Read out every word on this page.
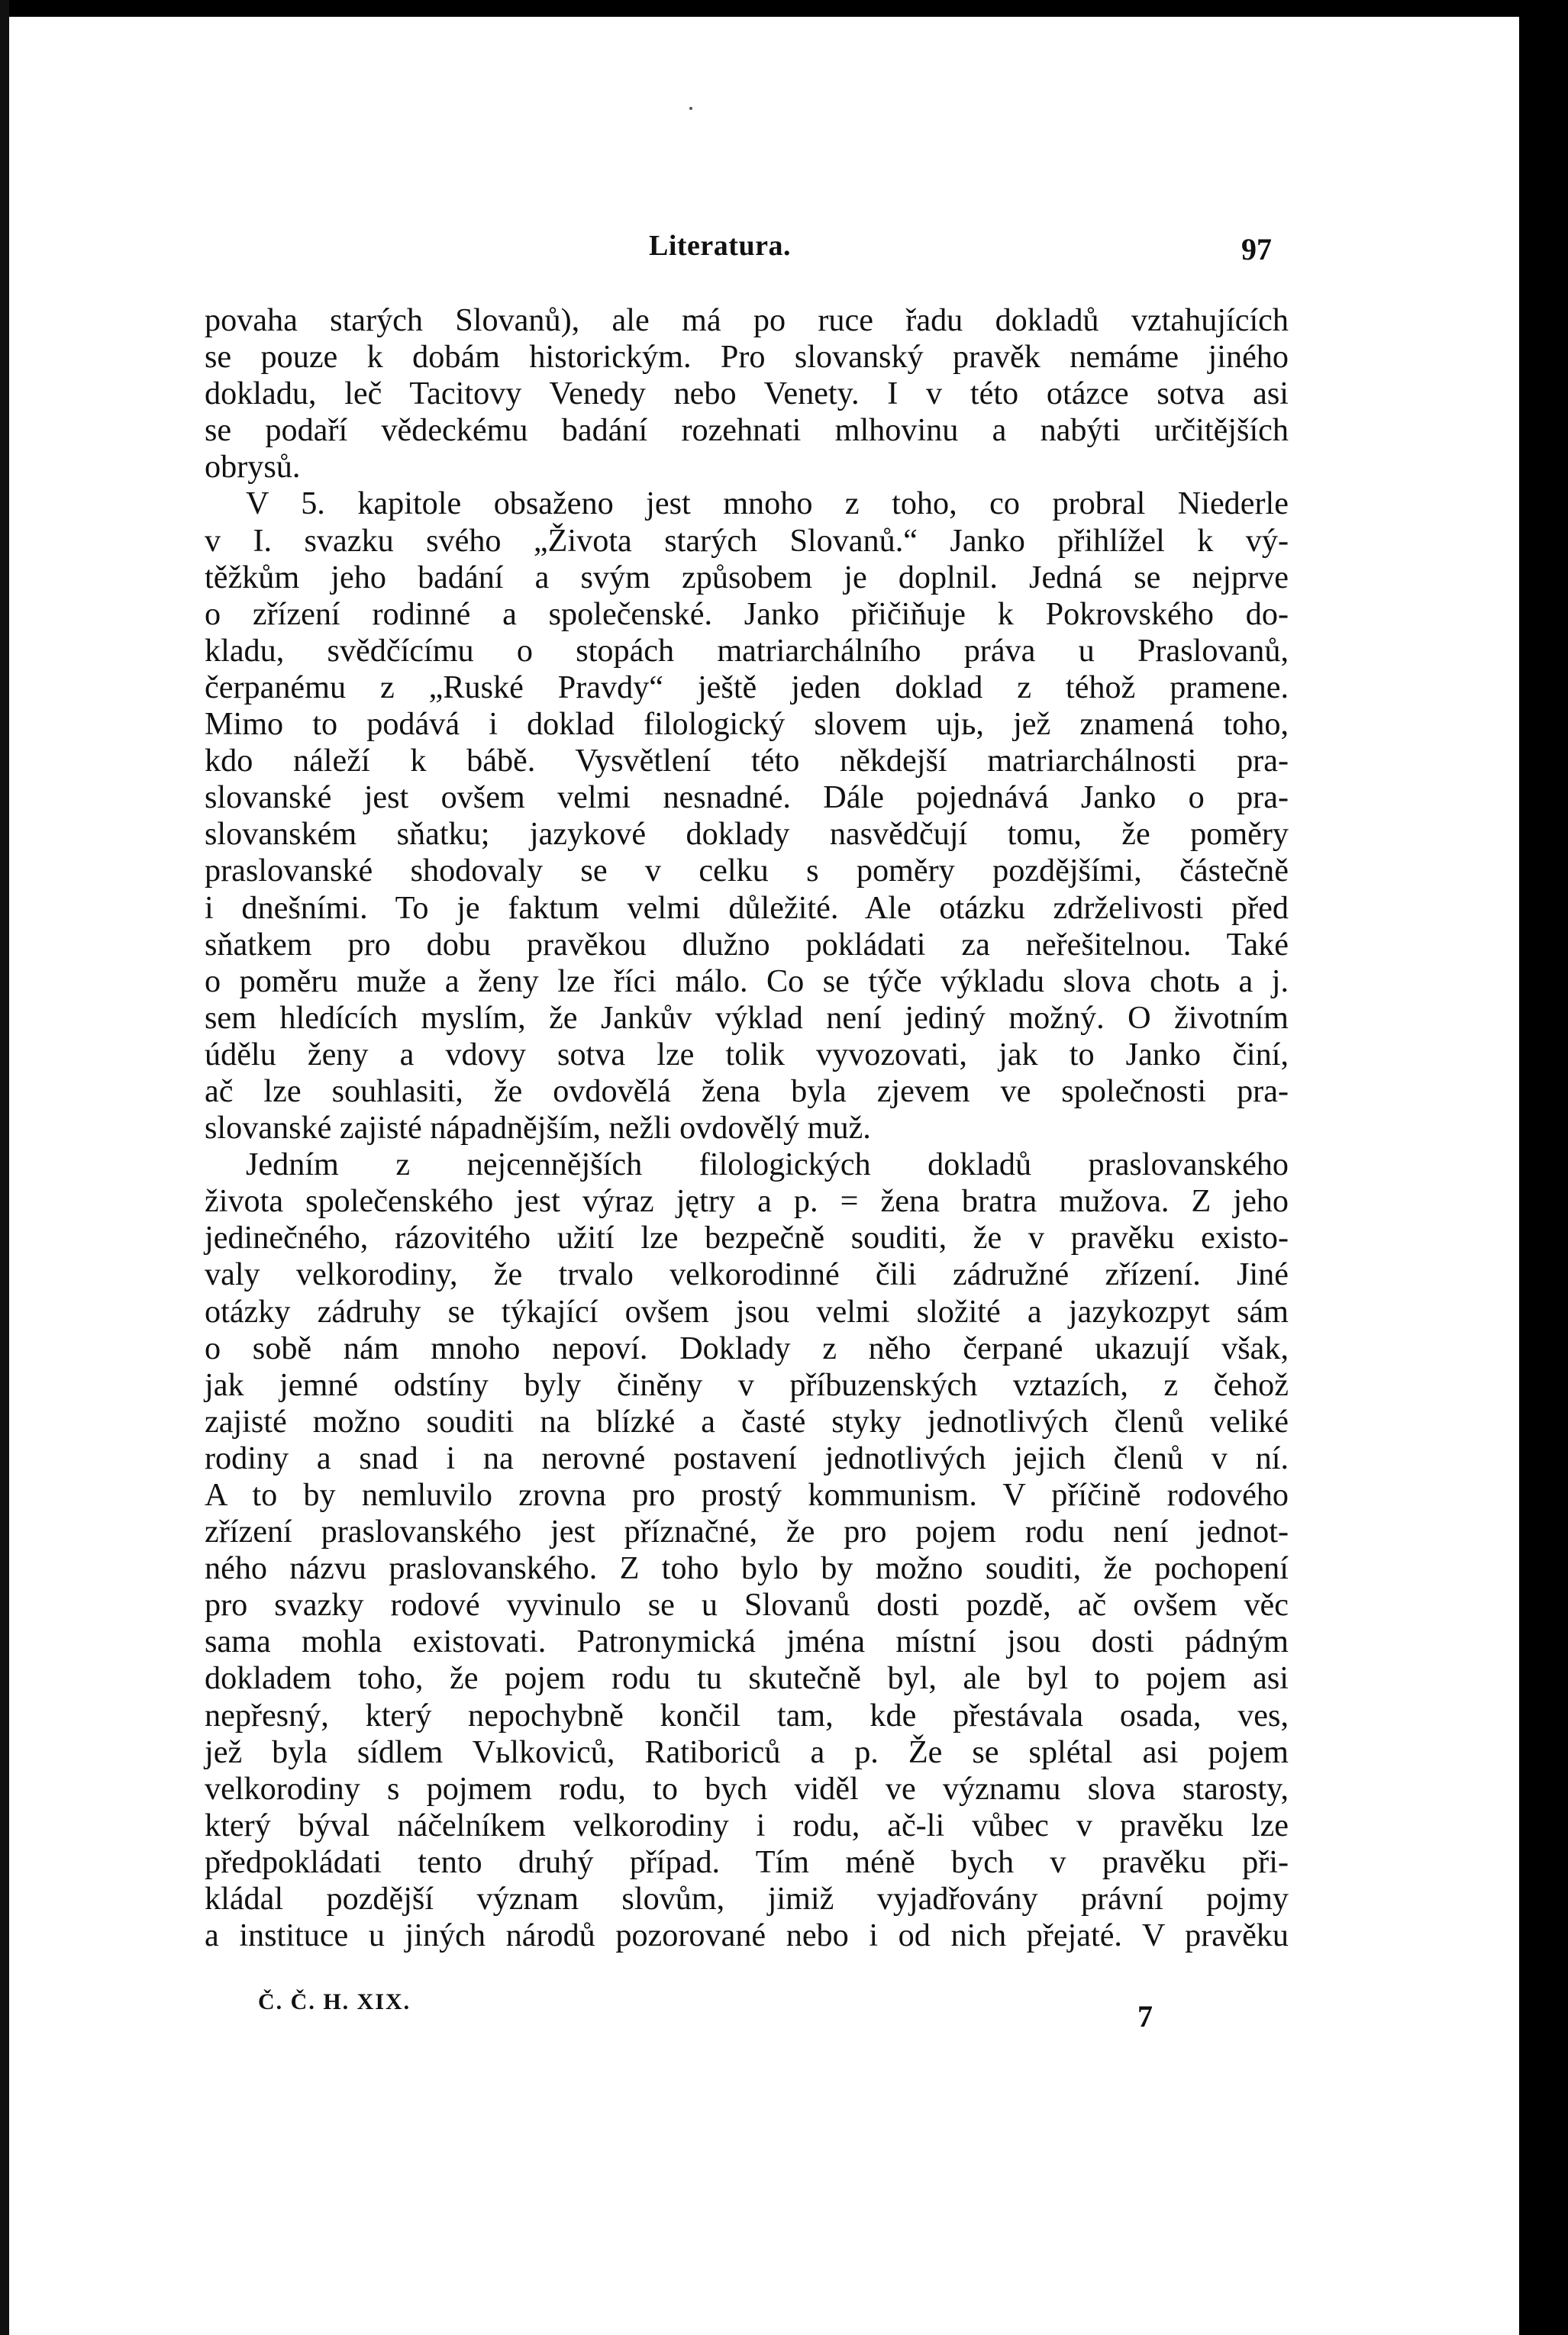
Literatura.	97
povaha starých Slovanů), ale má po ruce řadu dokladů vztahujících
se pouze k dobám historickým. Pro slovanský pravěk nemáme jiného
dokladu, leč Tacitovy Venedy nebo Venety. I v této otázce sotva asi
se podaří vědeckému badání rozehnati mlhovinu a nabýti určitějších
obrysů.
V 5. kapitole obsaženo jest mnoho z toho, co probral Niederle
v I. svazku svého „Života starých Slovanů.“ Janko přihlížel k vý-
těžkům jeho badání a svým způsobem je doplnil. Jedná se nejprve
o zřízení rodinné a společenské. Janko přičiňuje k Pokrovského do-
kladu, svědčícímu o stopách matriarchálního práva u Praslovanů,
čerpanému z „Ruské Pravdy“ ještě jeden doklad z téhož pramene.
Mimo to podává i doklad filologický slovem ujь, jež znamená toho,
kdo náleží k bábě. Vysvětlení této někdejší matriarchálnosti pra-
slovanské jest ovšem velmi nesnadné. Dále pojednává Janko o pra-
slovanském sňatku; jazykové doklady nasvědčují tomu, že poměry
praslovanské shodovaly se v celku s poměry pozdějšími, částečně
i dnešními. To je faktum velmi důležité. Ale otázku zdrželivosti před
sňatkem pro dobu pravěkou dlužno pokládati za neřešitelnou. Také
o poměru muže a ženy lze říci málo. Co se týče výkladu slova chotь a j.
sem hledících myslím, že Jankův výklad není jediný možný. O životním
údělu ženy a vdovy sotva lze tolik vyvozovati, jak to Janko činí,
ač lze souhlasiti, že ovdovělá žena byla zjevem ve společnosti pra-
slovanské zajisté nápadnějším, nežli ovdovělý muž.
Jedním z nejcennějších filologických dokladů praslovanského
života společenského jest výraz jętry a p. = žena bratra mužova. Z jeho
jedinečného, rázovitého užití lze bezpečně souditi, že v pravěku existo-
valy velkorodiny, že trvalo velkorodinné čili zádružné zřízení. Jiné
otázky zádruhy se týkající ovšem jsou velmi složité a jazykozpyt sám
o sobě nám mnoho nepoví. Doklady z něho čerpané ukazují však,
jak jemné odstíny byly činěny v příbuzenských vztazích, z čehož
zajisté možno souditi na blízké a časté styky jednotlivých členů veliké
rodiny a snad i na nerovné postavení jednotlivých jejich členů v ní.
A to by nemluvilo zrovna pro prostý kommunism. V příčině rodového
zřízení praslovanského jest příznačné, že pro pojem rodu není jednot-
ného názvu praslovanského. Z toho bylo by možno souditi, že pochopení
pro svazky rodové vyvinulo se u Slovanů dosti pozdě, ač ovšem věc
sama mohla existovati. Patronymická jména místní jsou dosti pádným
dokladem toho, že pojem rodu tu skutečně byl, ale byl to pojem asi
nepřesný, který nepochybně končil tam, kde přestávala osada, ves,
jež byla sídlem Vьlkoviců, Ratiboriců a p. Že se splétal asi pojem
velkorodiny s pojmem rodu, to bych viděl ve významu slova starosty,
který býval náčelníkem velkorodiny i rodu, ač-li vůbec v pravěku lze
předpokládati tento druhý případ. Tím méně bych v pravěku při-
kládal pozdější význam slovům, jimiž vyjadřovány právní pojmy
a instituce u jiných národů pozorované nebo i od nich přejaté. V pravěku
Č. Č. H. XIX.	7
